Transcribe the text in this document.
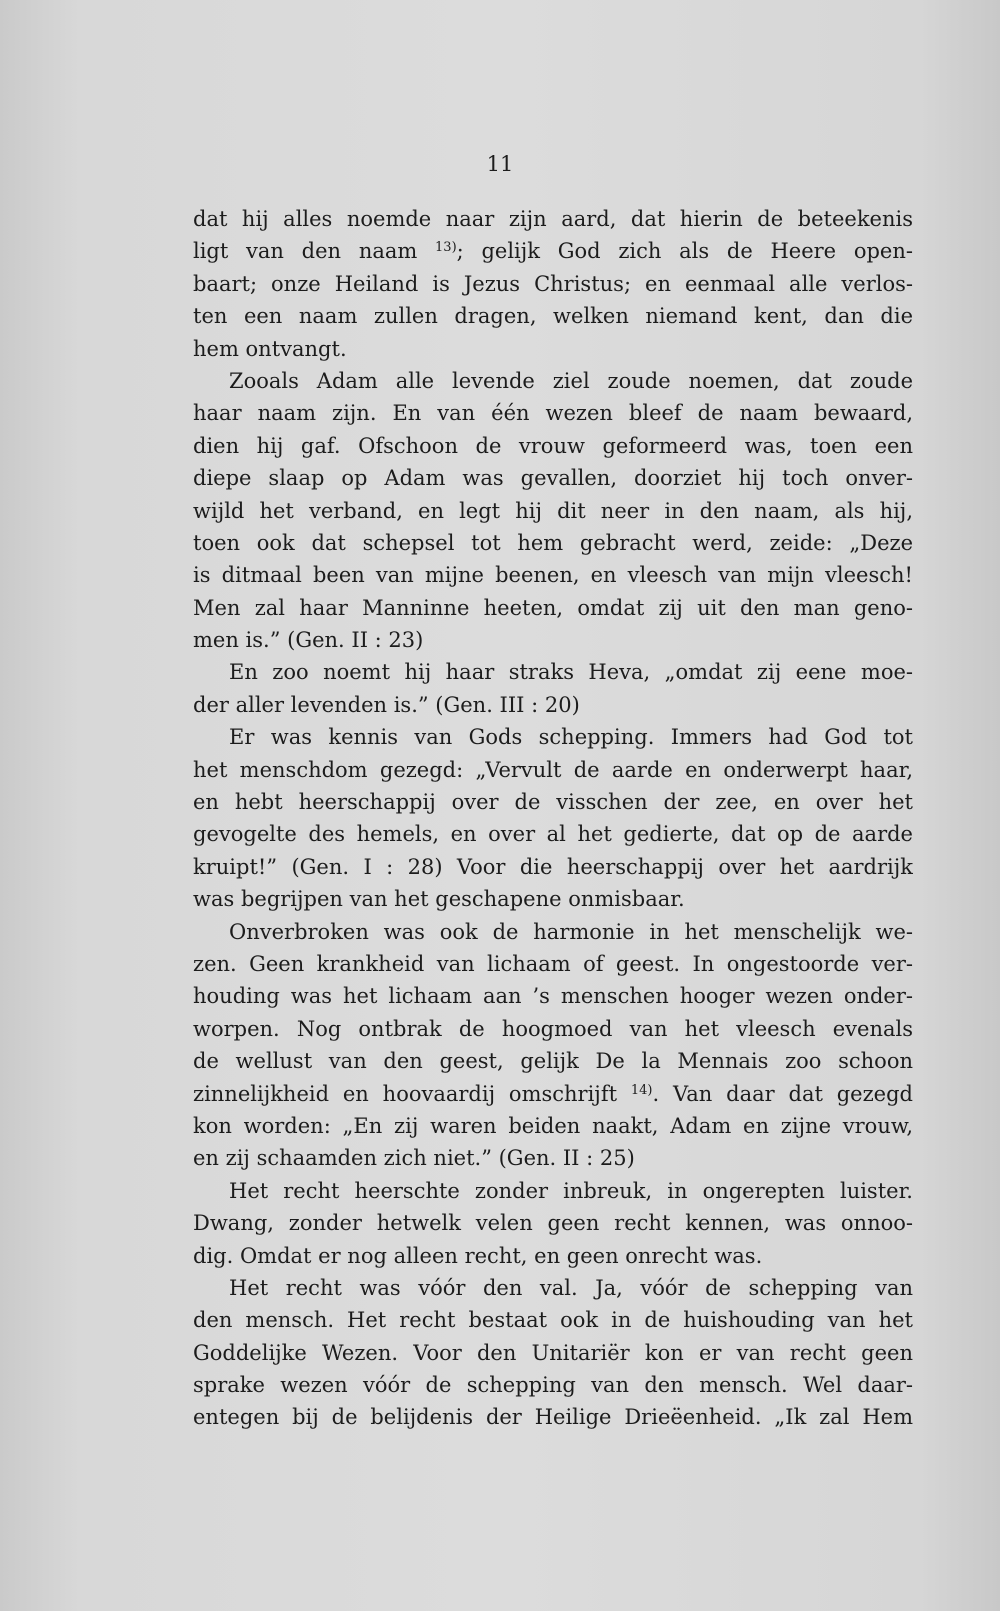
11
dat hij alles noemde naar zijn aard, dat hierin de beteekenis
ligt van den naam $^{13)}$; gelijk God zich als de Heere open-
baart; onze Heiland is Jezus Christus; en eenmaal alle verlos-
ten een naam zullen dragen, welken niemand kent, dan die
hem ontvangt.
Zooals Adam alle levende ziel zoude noemen, dat zoude
haar naam zijn. En van één wezen bleef de naam bewaard,
dien hij gaf. Ofschoon de vrouw geformeerd was, toen een
diepe slaap op Adam was gevallen, doorziet hij toch onver-
wijld het verband, en legt hij dit neer in den naam, als hij,
toen ook dat schepsel tot hem gebracht werd, zeide: „Deze
is ditmaal been van mijne beenen, en vleesch van mijn vleesch!
Men zal haar Manninne heeten, omdat zij uit den man geno-
men is.” (Gen. II : 23)
En zoo noemt hij haar straks Heva, „omdat zij eene moe-
der aller levenden is.” (Gen. III : 20)
Er was kennis van Gods schepping. Immers had God tot
het menschdom gezegd: „Vervult de aarde en onderwerpt haar,
en hebt heerschappij over de visschen der zee, en over het
gevogelte des hemels, en over al het gedierte, dat op de aarde
kruipt!” (Gen. I : 28) Voor die heerschappij over het aardrijk
was begrijpen van het geschapene onmisbaar.
Onverbroken was ook de harmonie in het menschelijk we-
zen. Geen krankheid van lichaam of geest. In ongestoorde ver-
houding was het lichaam aan ’s menschen hooger wezen onder-
worpen. Nog ontbrak de hoogmoed van het vleesch evenals
de wellust van den geest, gelijk De la Mennais zoo schoon
zinnelijkheid en hoovaardij omschrijft $^{14)}$. Van daar dat gezegd
kon worden: „En zij waren beiden naakt, Adam en zijne vrouw,
en zij schaamden zich niet.” (Gen. II : 25)
Het recht heerschte zonder inbreuk, in ongerepten luister.
Dwang, zonder hetwelk velen geen recht kennen, was onnoo-
dig. Omdat er nog alleen recht, en geen onrecht was.
Het recht was vóór den val. Ja, vóór de schepping van
den mensch. Het recht bestaat ook in de huishouding van het
Goddelijke Wezen. Voor den Unitariër kon er van recht geen
sprake wezen vóór de schepping van den mensch. Wel daar-
entegen bij de belijdenis der Heilige Drieëenheid. „Ik zal Hem
